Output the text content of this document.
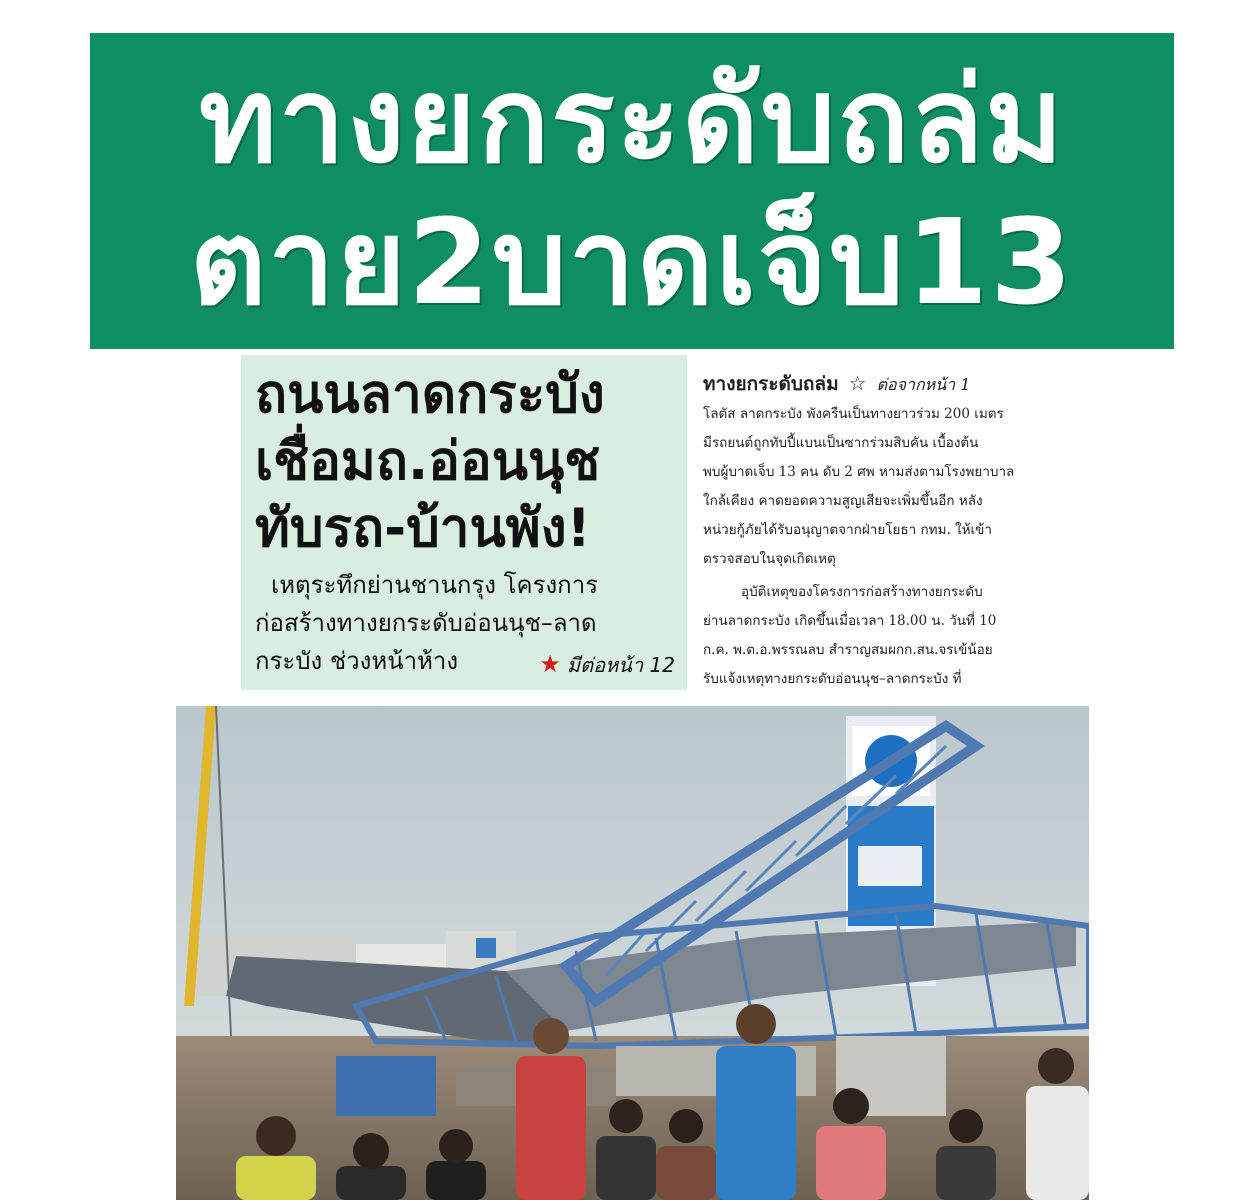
ทางยกระดับถล่ม
ตาย2บาดเจ็บ13
ถนนลาดกระบัง
เชื่อมถ.อ่อนนุช
ทับรถ-บ้านพัง!
เหตุระทึกย่านชานกรุง โครงการ
ก่อสร้างทางยกระดับอ่อนนุช–ลาด
กระบัง ช่วงหน้าห้าง	★ มีต่อหน้า 12
ทางยกระดับถล่ม ☆ ต่อจากหน้า 1

โลตัส ลาดกระบัง พังครืนเป็นทางยาวร่วม 200 เมตร

มีรถยนต์ถูกทับปี้แบนเป็นซากร่วมสิบคัน เบื้องต้น

พบผู้บาดเจ็บ 13 คน ดับ 2 ศพ หามส่งตามโรงพยาบาล

ใกล้เคียง คาดยอดความสูญเสียจะเพิ่มขึ้นอีก หลัง

หน่วยกู้ภัยได้รับอนุญาตจากฝ่ายโยธา กทม. ให้เข้า

ตรวจสอบในจุดเกิดเหตุ

อุบัติเหตุของโครงการก่อสร้างทางยกระดับ

ย่านลาดกระบัง เกิดขึ้นเมื่อเวลา 18.00 น. วันที่ 10

ก.ค. พ.ต.อ.พรรณลบ สำราญสมผกก.สน.จรเข้น้อย

รับแจ้งเหตุทางยกระดับอ่อนนุช–ลาดกระบัง ที่
